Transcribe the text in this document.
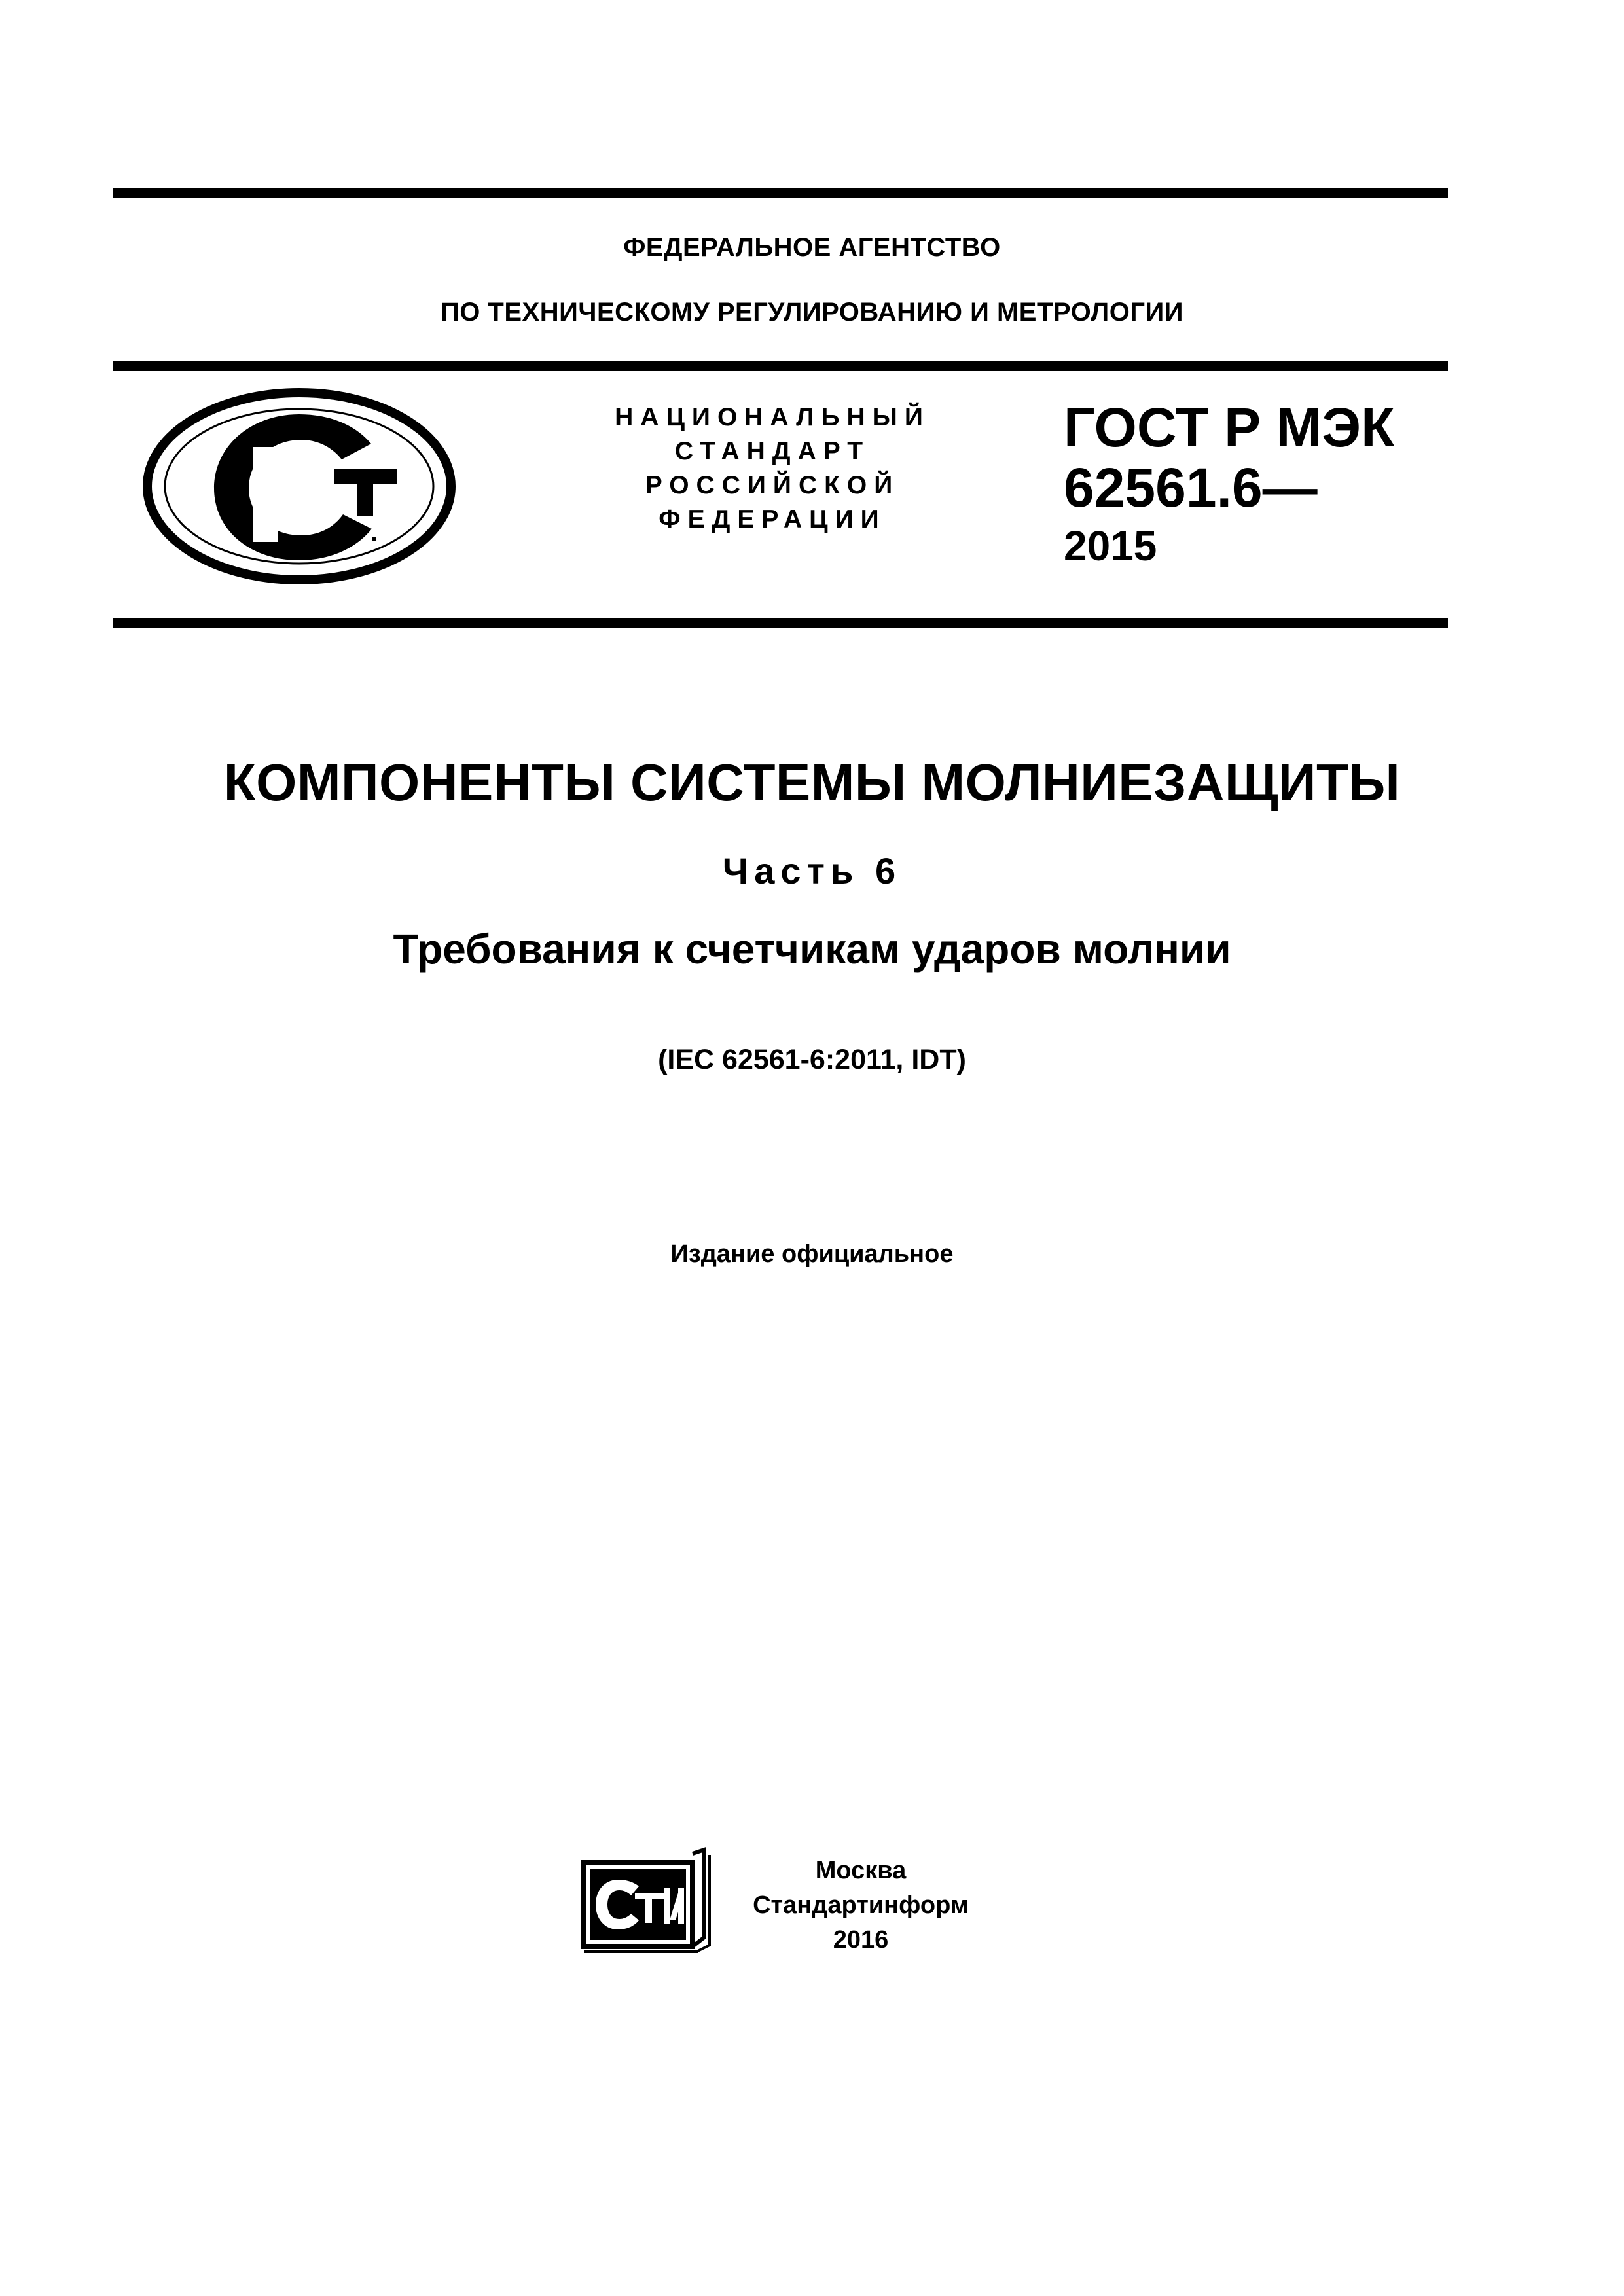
ФЕДЕРАЛЬНОЕ АГЕНТСТВО
ПО ТЕХНИЧЕСКОМУ РЕГУЛИРОВАНИЮ И МЕТРОЛОГИИ
НАЦИОНАЛЬНЫЙ
СТАНДАРТ
РОССИЙСКОЙ
ФЕДЕРАЦИИ
ГОСТ Р МЭК
62561.6—
2015
КОМПОНЕНТЫ СИСТЕМЫ МОЛНИЕЗАЩИТЫ
Часть 6
Требования к счетчикам ударов молнии
(IEC 62561-6:2011, IDT)
Издание официальное
Москва
Стандартинформ
2016
